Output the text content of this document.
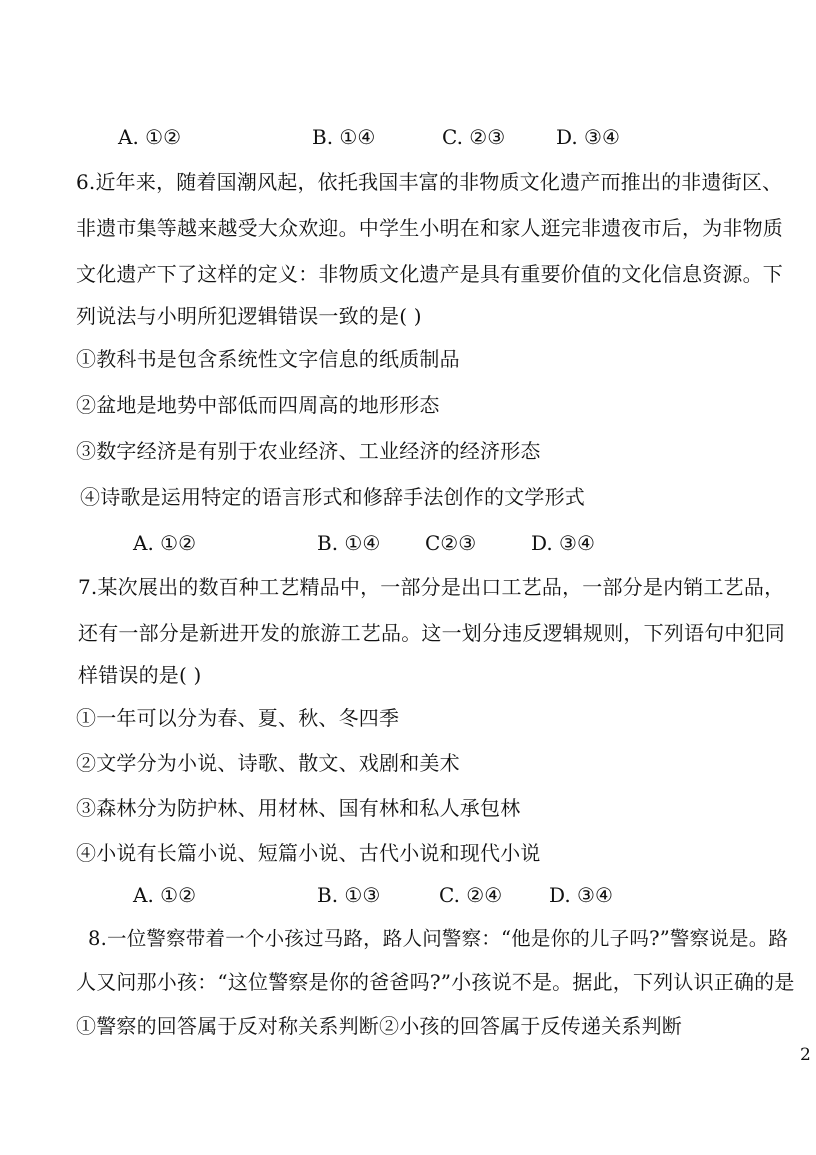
A. ①②	B. ①④	C. ②③	D. ③④
6.近年来，随着国潮风起，依托我国丰富的非物质文化遗产而推出的非遗街区、
非遗市集等越来越受大众欢迎。中学生小明在和家人逛完非遗夜市后，为非物质
文化遗产下了这样的定义：非物质文化遗产是具有重要价值的文化信息资源。下
列说法与小明所犯逻辑错误一致的是( )
①教科书是包含系统性文字信息的纸质制品
②盆地是地势中部低而四周高的地形形态
③数字经济是有别于农业经济、工业经济的经济形态
④诗歌是运用特定的语言形式和修辞手法创作的文学形式
A. ①②	B. ①④ C②③	D. ③④
7.某次展出的数百种工艺精品中，一部分是出口工艺品，一部分是内销工艺品，
还有一部分是新进开发的旅游工艺品。这一划分违反逻辑规则，下列语句中犯同
样错误的是( )
①一年可以分为春、夏、秋、冬四季
②文学分为小说、诗歌、散文、戏剧和美术
③森林分为防护林、用材林、国有林和私人承包林
④小说有长篇小说、短篇小说、古代小说和现代小说
A. ①②	B. ①③	C. ②④ D. ③④
8.一位警察带着一个小孩过马路，路人问警察：“他是你的儿子吗?”警察说是。路
人又问那小孩：“这位警察是你的爸爸吗?”小孩说不是。据此，下列认识正确的是
①警察的回答属于反对称关系判断②小孩的回答属于反传递关系判断
2
